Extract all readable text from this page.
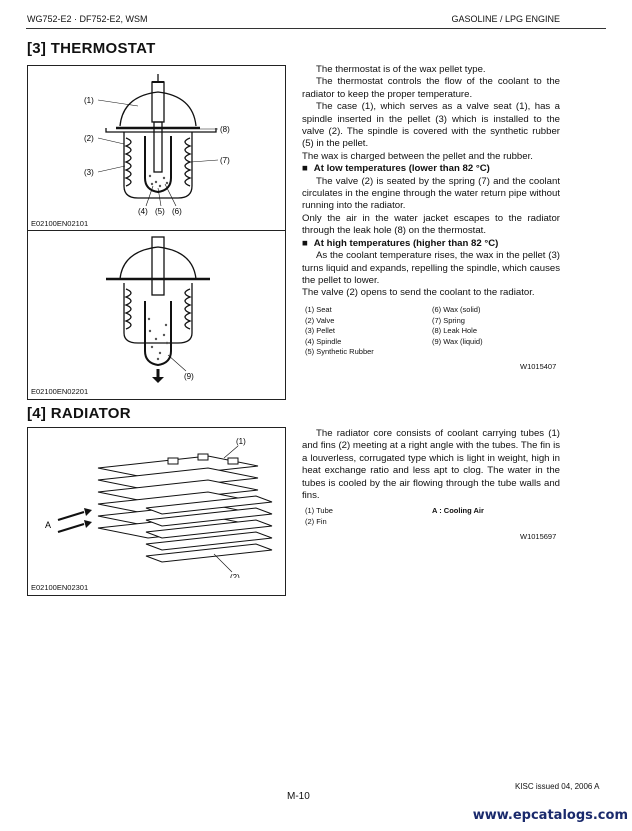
WG752-E2 · DF752-E2, WSM	GASOLINE / LPG ENGINE
[3] THERMOSTAT
(1)
(2)
(3)
(4) (5) (6)
(7)
(8)
E02100EN02101
(9)
E02100EN02201

The thermostat is of the wax pellet type.

The thermostat controls the flow of the coolant to the radiator to keep the proper temperature.

The case (1), which serves as a valve seat (1), has a spindle inserted in the pellet (3) which is installed to the valve (2). The spindle is covered with the synthetic rubber (5) in the pellet.

The wax is charged between the pellet and the rubber.

■ At low temperatures (lower than 82 °C)

The valve (2) is seated by the spring (7) and the coolant circulates in the engine through the water return pipe without running into the radiator.

Only the air in the water jacket escapes to the radiator through the leak hole (8) on the thermostat.

■ At high temperatures (higher than 82 °C)

As the coolant temperature rises, the wax in the pellet (3) turns liquid and expands, repelling the spindle, which causes the pellet to lower.

The valve (2) opens to send the coolant to the radiator.

(1) Seat
(2) Valve
(3) Pellet
(4) Spindle
(5) Synthetic Rubber
(6) Wax (solid)
(7) Spring
(8) Leak Hole
(9) Wax (liquid)
W1015407
[4] RADIATOR
(1)
(2)
A
E02100EN02301

The radiator core consists of coolant carrying tubes (1) and fins (2) meeting at a right angle with the tubes. The fin is a louverless, corrugated type which is light in weight, high in heat exchange ratio and less apt to clog. The water in the tubes is cooled by the air flowing through the tube walls and fins.

(1) Tube
(2) Fin
A : Cooling Air
W1015697
KISC issued 04, 2006 A
M-10
www.epcatalogs.com
